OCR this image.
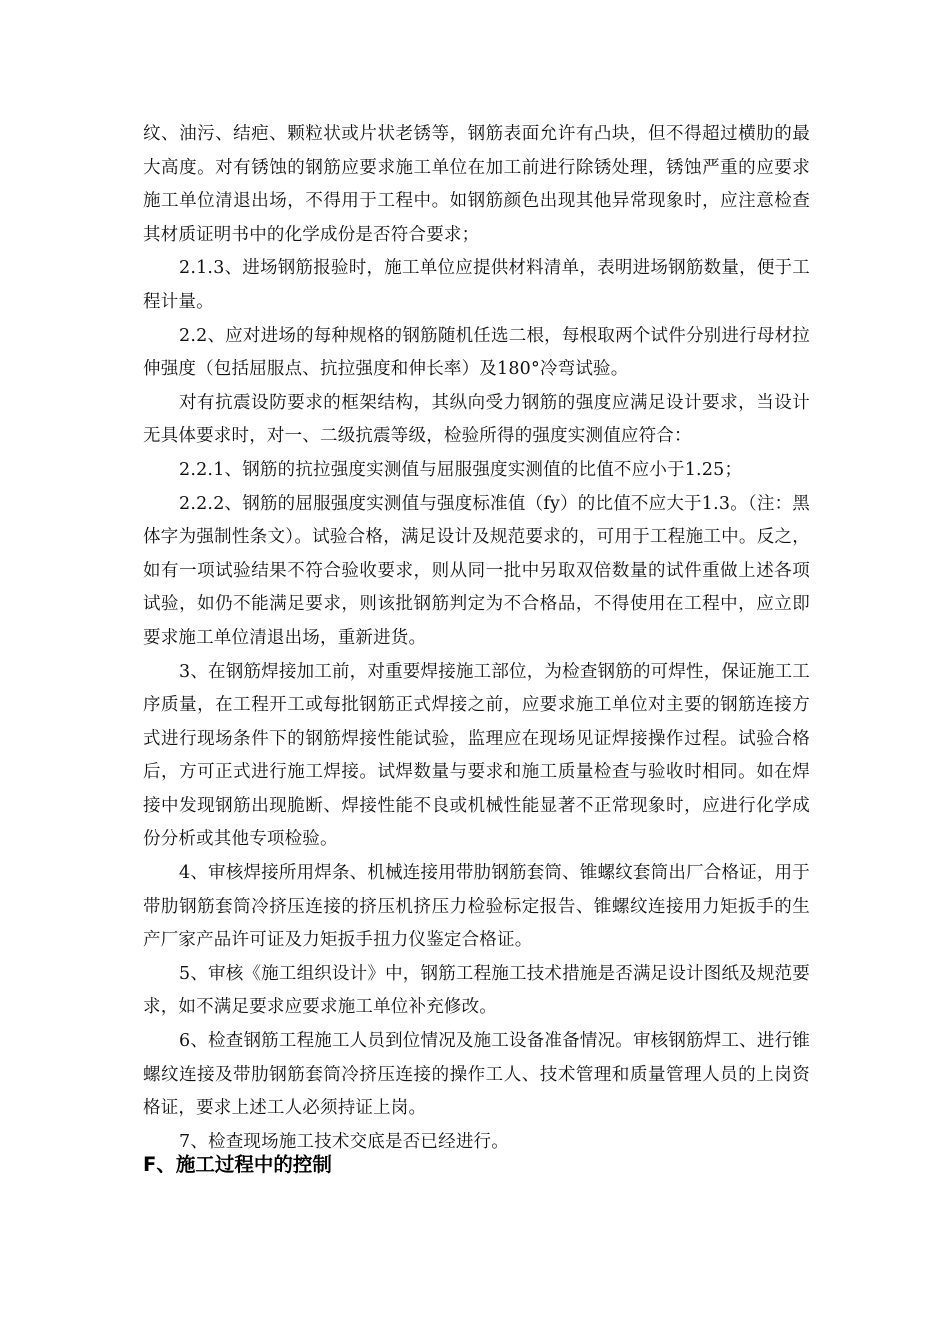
纹、油污、结疤、颗粒状或片状老锈等，钢筋表面允许有凸块，但不得超过横肋的最大高度。对有锈蚀的钢筋应要求施工单位在加工前进行除锈处理，锈蚀严重的应要求施工单位清退出场，不得用于工程中。如钢筋颜色出现其他异常现象时，应注意检查其材质证明书中的化学成份是否符合要求；

2.1.3、进场钢筋报验时，施工单位应提供材料清单，表明进场钢筋数量，便于工程计量。

2.2、应对进场的每种规格的钢筋随机任选二根，每根取两个试件分别进行母材拉伸强度（包括屈服点、抗拉强度和伸长率）及180°冷弯试验。

对有抗震设防要求的框架结构，其纵向受力钢筋的强度应满足设计要求，当设计无具体要求时，对一、二级抗震等级，检验所得的强度实测值应符合：

2.2.1、钢筋的抗拉强度实测值与屈服强度实测值的比值不应小于1.25；

2.2.2、钢筋的屈服强度实测值与强度标准值（fy）的比值不应大于1.3。（注：黑体字为强制性条文）。试验合格，满足设计及规范要求的，可用于工程施工中。反之，如有一项试验结果不符合验收要求，则从同一批中另取双倍数量的试件重做上述各项试验，如仍不能满足要求，则该批钢筋判定为不合格品，不得使用在工程中，应立即要求施工单位清退出场，重新进货。

3、在钢筋焊接加工前，对重要焊接施工部位，为检查钢筋的可焊性，保证施工工序质量，在工程开工或每批钢筋正式焊接之前，应要求施工单位对主要的钢筋连接方式进行现场条件下的钢筋焊接性能试验，监理应在现场见证焊接操作过程。试验合格后，方可正式进行施工焊接。试焊数量与要求和施工质量检查与验收时相同。如在焊接中发现钢筋出现脆断、焊接性能不良或机械性能显著不正常现象时，应进行化学成份分析或其他专项检验。

4、审核焊接所用焊条、机械连接用带肋钢筋套筒、锥螺纹套筒出厂合格证，用于带肋钢筋套筒冷挤压连接的挤压机挤压力检验标定报告、锥螺纹连接用力矩扳手的生产厂家产品许可证及力矩扳手扭力仪鉴定合格证。

5、审核《施工组织设计》中，钢筋工程施工技术措施是否满足设计图纸及规范要求，如不满足要求应要求施工单位补充修改。

6、检查钢筋工程施工人员到位情况及施工设备准备情况。审核钢筋焊工、进行锥螺纹连接及带肋钢筋套筒冷挤压连接的操作工人、技术管理和质量管理人员的上岗资格证，要求上述工人必须持证上岗。

7、检查现场施工技术交底是否已经进行。

F、施工过程中的控制
